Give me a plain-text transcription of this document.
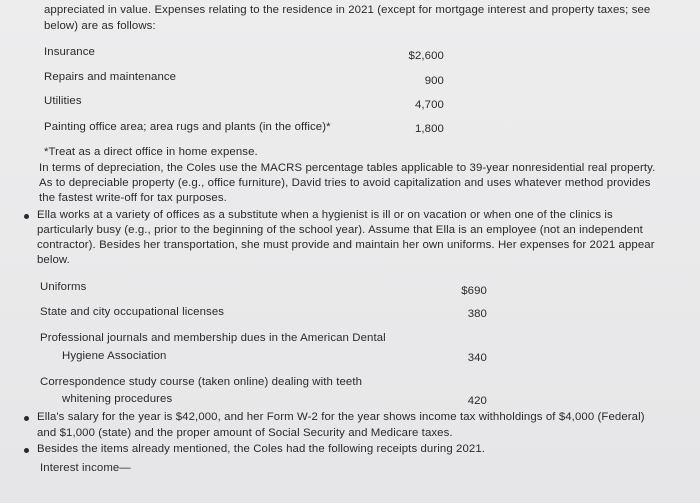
appreciated in value. Expenses relating to the residence in 2021 (except for mortgage interest and property taxes; see
below) are as follows:
Insurance	$2,600
Repairs and maintenance	900
Utilities	4,700
Painting office area; area rugs and plants (in the office)*	1,800
*Treat as a direct office in home expense.
In terms of depreciation, the Coles use the MACRS percentage tables applicable to 39-year nonresidential real property.
As to depreciable property (e.g., office furniture), David tries to avoid capitalization and uses whatever method provides
the fastest write-off for tax purposes.
Ella works at a variety of offices as a substitute when a hygienist is ill or on vacation or when one of the clinics is
particularly busy (e.g., prior to the beginning of the school year). Assume that Ella is an employee (not an independent
contractor). Besides her transportation, she must provide and maintain her own uniforms. Her expenses for 2021 appear
below.
Uniforms	$690
State and city occupational licenses	380
Professional journals and membership dues in the American Dental
Hygiene Association	340
Correspondence study course (taken online) dealing with teeth
whitening procedures	420
Ella's salary for the year is $42,000, and her Form W-2 for the year shows income tax withholdings of $4,000 (Federal)
and $1,000 (state) and the proper amount of Social Security and Medicare taxes.
Besides the items already mentioned, the Coles had the following receipts during 2021.
Interest income—
